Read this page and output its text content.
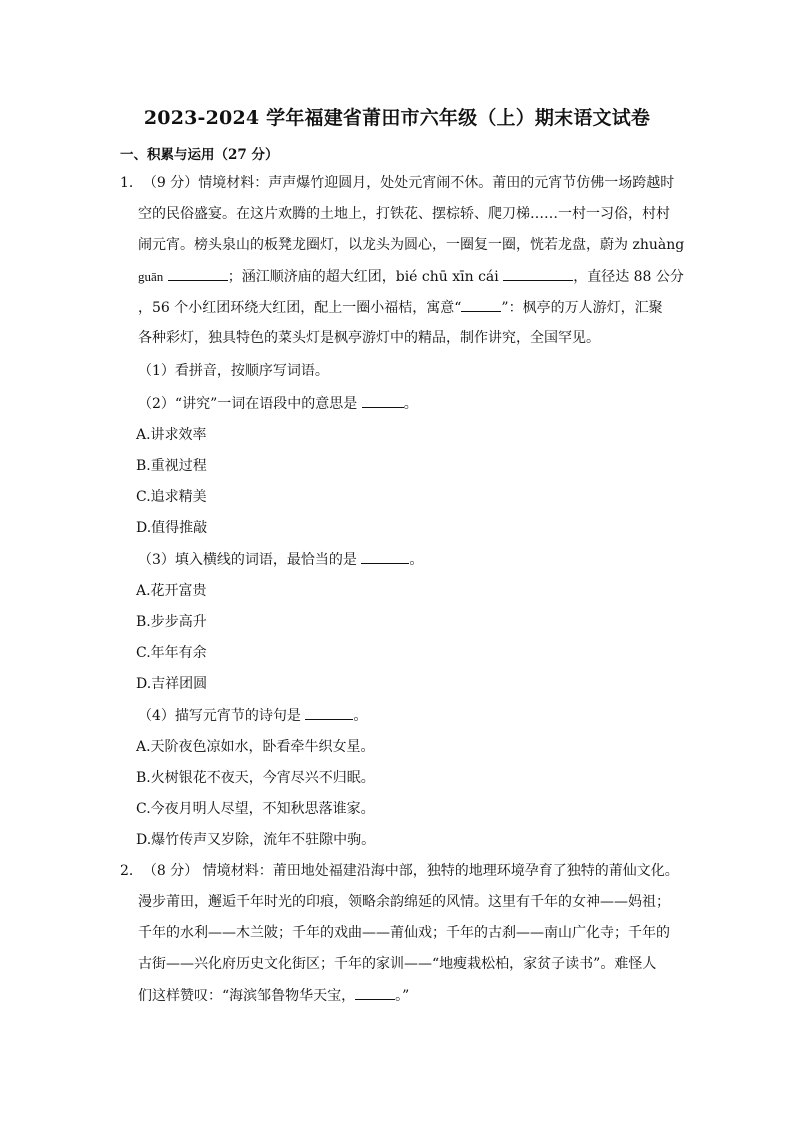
2023-2024 学年福建省莆田市六年级（上）期末语文试卷
一、积累与运用（27 分）
1．（9 分）情境材料：声声爆竹迎圆月，处处元宵闹不休。莆田的元宵节仿佛一场跨越时
空的民俗盛宴。在这片欢腾的土地上，打铁花、摆棕轿、爬刀梯……一村一习俗，村村
闹元宵。榜头泉山的板凳龙圈灯，以龙头为圆心，一圈复一圈，恍若龙盘，蔚为 zhuàng
guān	；涵江顺济庙的超大红团，bié chū xīn cái	，直径达 88 公分
，56 个小红团环绕大红团，配上一圈小福桔，寓意“	”：枫亭的万人游灯，汇聚
各种彩灯，独具特色的菜头灯是枫亭游灯中的精品，制作讲究，全国罕见。
（1）看拼音，按顺序写词语。
（2）“讲究”一词在语段中的意思是	。
A.讲求效率
B.重视过程
C.追求精美
D.值得推敲
（3）填入横线的词语，最恰当的是	。
A.花开富贵
B.步步高升
C.年年有余
D.吉祥团圆
（4）描写元宵节的诗句是	。
A.天阶夜色凉如水，卧看牵牛织女星。
B.火树银花不夜天，今宵尽兴不归眠。
C.今夜月明人尽望，不知秋思落谁家。
D.爆竹传声又岁除，流年不驻隙中驹。
2．（8 分） 情境材料：莆田地处福建沿海中部，独特的地理环境孕育了独特的莆仙文化。
漫步莆田，邂逅千年时光的印痕，领略余韵绵延的风情。这里有千年的女神——妈祖；
千年的水利——木兰陂；千年的戏曲——莆仙戏；千年的古刹——南山广化寺；千年的
古街——兴化府历史文化街区；千年的家训——“地瘦栽松柏，家贫子读书”。难怪人
们这样赞叹：“海滨邹鲁物华天宝，	。”
